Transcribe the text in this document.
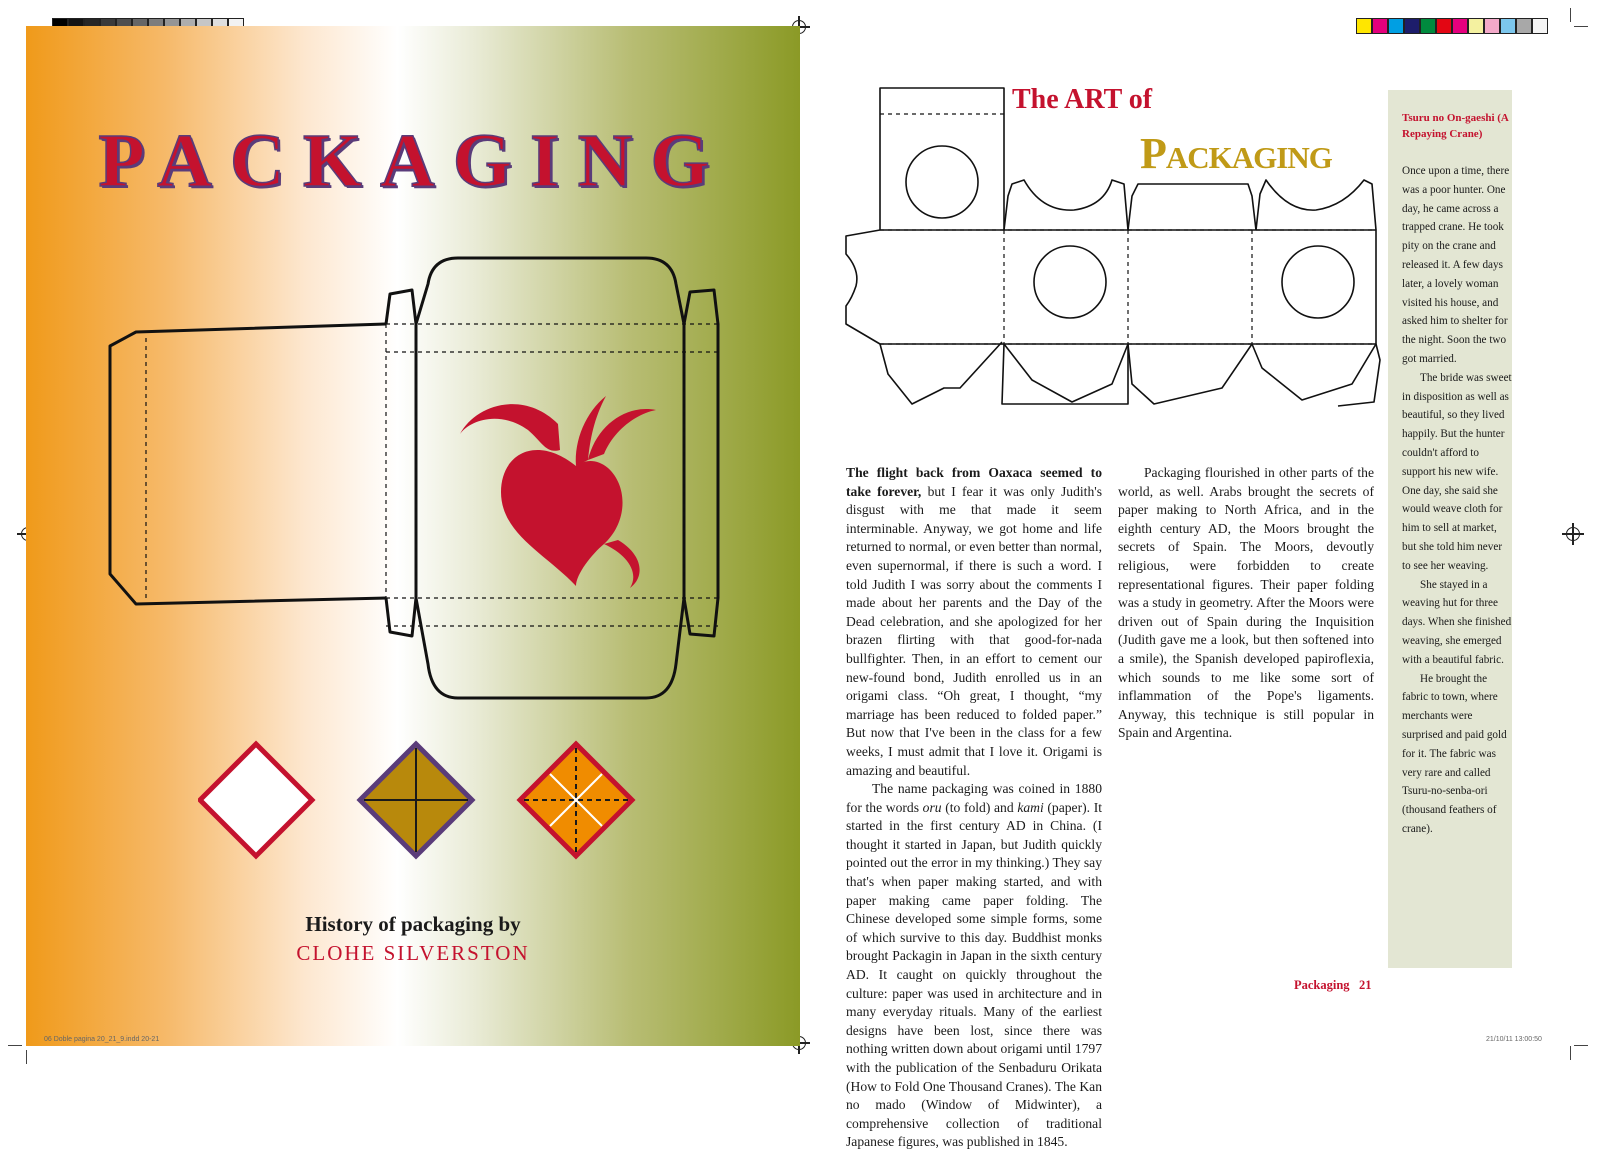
PACKAGING
History of packaging by
CLOHE SILVERSTON
The ART of
Packaging

The flight back from Oaxaca seemed to take forever, but I fear it was only Judith's disgust with me that made it seem interminable. Anyway, we got home and life returned to normal, or even better than normal, even supernormal, if there is such a word. I told Judith I was sorry about the comments I made about her parents and the Day of the Dead celebration, and she apologized for her brazen flirting with that good-for-nada bullfighter. Then, in an effort to cement our new-found bond, Judith enrolled us in an origami class. “Oh great, I thought, “my marriage has been reduced to folded paper.” But now that I've been in the class for a few weeks, I must admit that I love it. Origami is amazing and beautiful.

The name packaging was coined in 1880 for the words oru (to fold) and kami (paper). It started in the first century AD in China. (I thought it started in Japan, but Judith quickly pointed out the error in my thinking.) They say that's when paper making started, and with paper making came paper folding. The Chinese developed some simple forms, some of which survive to this day. Buddhist monks brought Packagin in Japan in the sixth century AD. It caught on quickly throughout the culture: paper was used in architecture and in many everyday rituals. Many of the earliest designs have been lost, since there was nothing written down about origami until 1797 with the publication of the Senbaduru Orikata (How to Fold One Thousand Cranes). The Kan no mado (Window of Midwinter), a comprehensive collection of traditional Japanese figures, was published in 1845.

Packaging flourished in other parts of the world, as well. Arabs brought the secrets of paper making to North Africa, and in the eighth century AD, the Moors brought the secrets of Spain. The Moors, devoutly religious, were forbidden to create representational figures. Their paper folding was a study in geometry. After the Moors were driven out of Spain during the Inquisition (Judith gave me a look, but then softened into a smile), the Spanish developed papiroflexia, which sounds to me like some sort of inflammation of the Pope's ligaments. Anyway, this technique is still popular in Spain and Argentina.

Tsuru no On-gaeshi (A Repaying Crane)

Once upon a time, there was a poor hunter. One day, he came across a trapped crane. He took pity on the crane and released it. A few days later, a lovely woman visited his house, and asked him to shelter for the night. Soon the two got married.

The bride was sweet in disposition as well as beautiful, so they lived happily. But the hunter couldn't afford to support his new wife. One day, she said she would weave cloth for him to sell at market, but she told him never to see her weaving.

She stayed in a weaving hut for three days. When she finished weaving, she emerged with a beautiful fabric.

He brought the fabric to town, where merchants were surprised and paid gold for it. The fabric was very rare and called Tsuru-no-senba-ori (thousand feathers of crane).

Packaging 21
06 Doble pagina 20_21_9.indd 20-21	21/10/11 13:00:50
